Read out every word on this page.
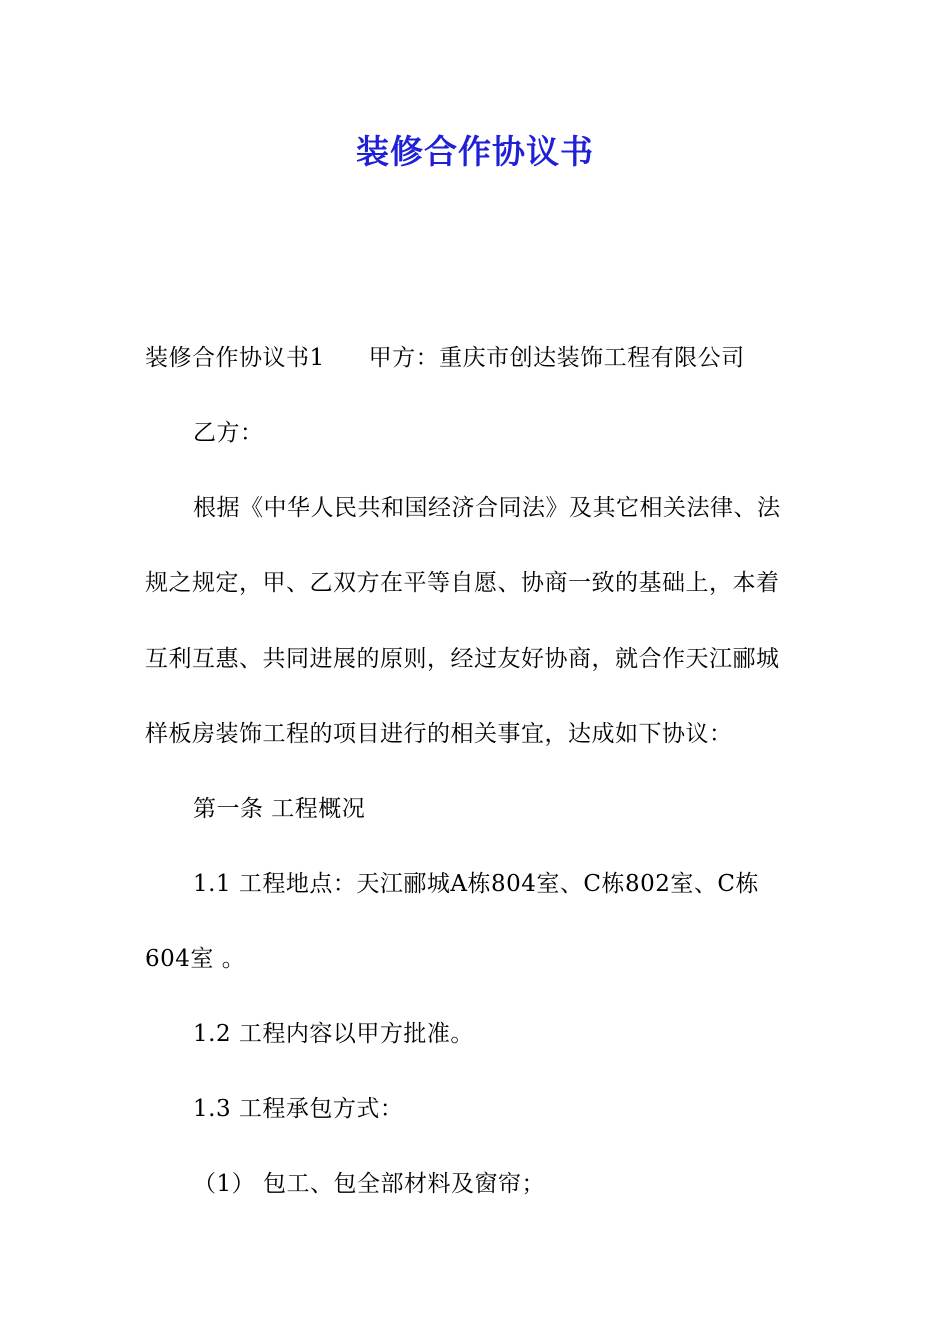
装修合作协议书
装修合作协议书1 甲方：重庆市创达装饰工程有限公司
乙方：
根据《中华人民共和国经济合同法》及其它相关法律、法
规之规定，甲、乙双方在平等自愿、协商一致的基础上，本着
互利互惠、共同进展的原则，经过友好协商，就合作天江郦城
样板房装饰工程的项目进行的相关事宜，达成如下协议：
第一条 工程概况
1.1 工程地点：天江郦城A栋804室、C栋802室、C栋
604室 。
1.2 工程内容以甲方批准。
1.3 工程承包方式：
（1） 包工、包全部材料及窗帘；
